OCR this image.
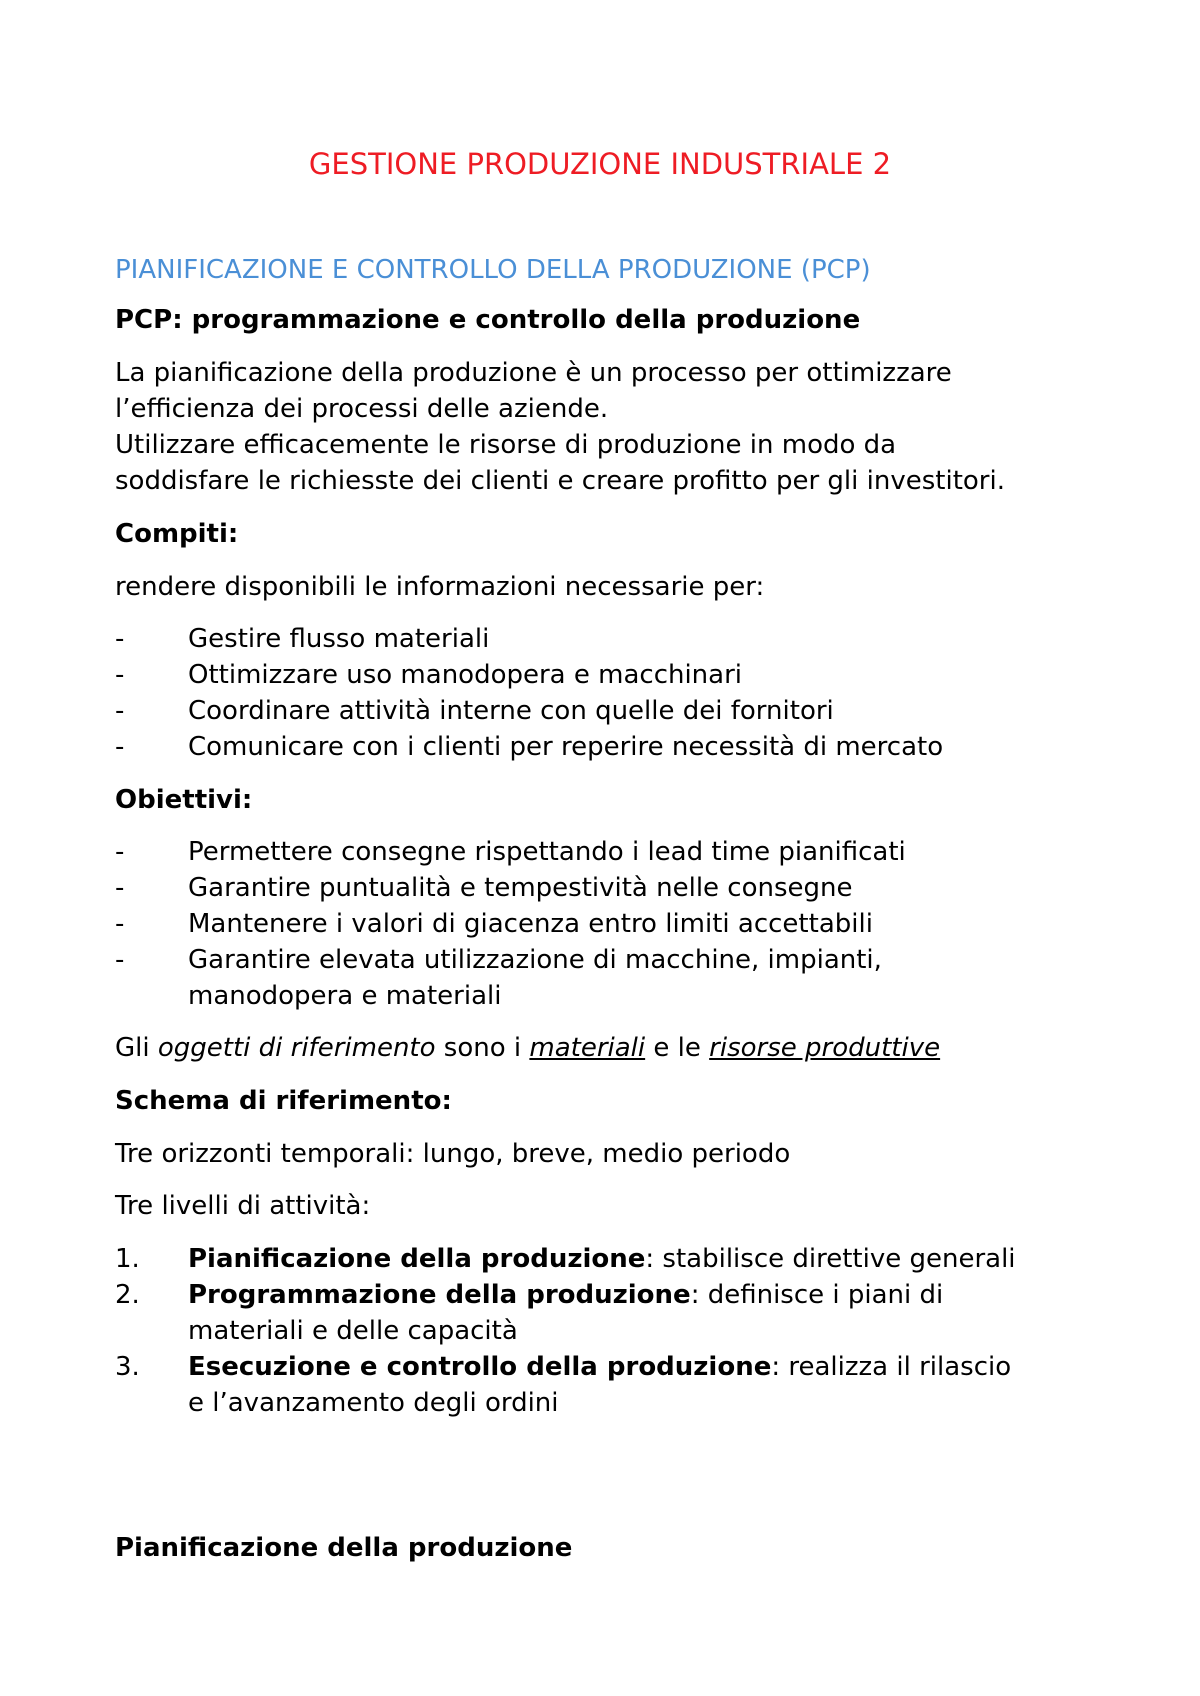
GESTIONE PRODUZIONE INDUSTRIALE 2
PIANIFICAZIONE E CONTROLLO DELLA PRODUZIONE (PCP)
PCP: programmazione e controllo della produzione
La pianificazione della produzione è un processo per ottimizzare
l’efficienza dei processi delle aziende.
Utilizzare efficacemente le risorse di produzione in modo da
soddisfare le richiesste dei clienti e creare profitto per gli investitori.
Compiti:
rendere disponibili le informazioni necessarie per:
- Gestire flusso materiali
- Ottimizzare uso manodopera e macchinari
- Coordinare attività interne con quelle dei fornitori
- Comunicare con i clienti per reperire necessità di mercato
Obiettivi:
- Permettere consegne rispettando i lead time pianificati
- Garantire puntualità e tempestività nelle consegne
- Mantenere i valori di giacenza entro limiti accettabili
- Garantire elevata utilizzazione di macchine, impianti,
manodopera e materiali
Gli oggetti di riferimento sono i materiali e le risorse produttive
Schema di riferimento:
Tre orizzonti temporali: lungo, breve, medio periodo
Tre livelli di attività:
1. Pianificazione della produzione: stabilisce direttive generali
2. Programmazione della produzione: definisce i piani di
materiali e delle capacità
3. Esecuzione e controllo della produzione: realizza il rilascio
e l’avanzamento degli ordini
Pianificazione della produzione
